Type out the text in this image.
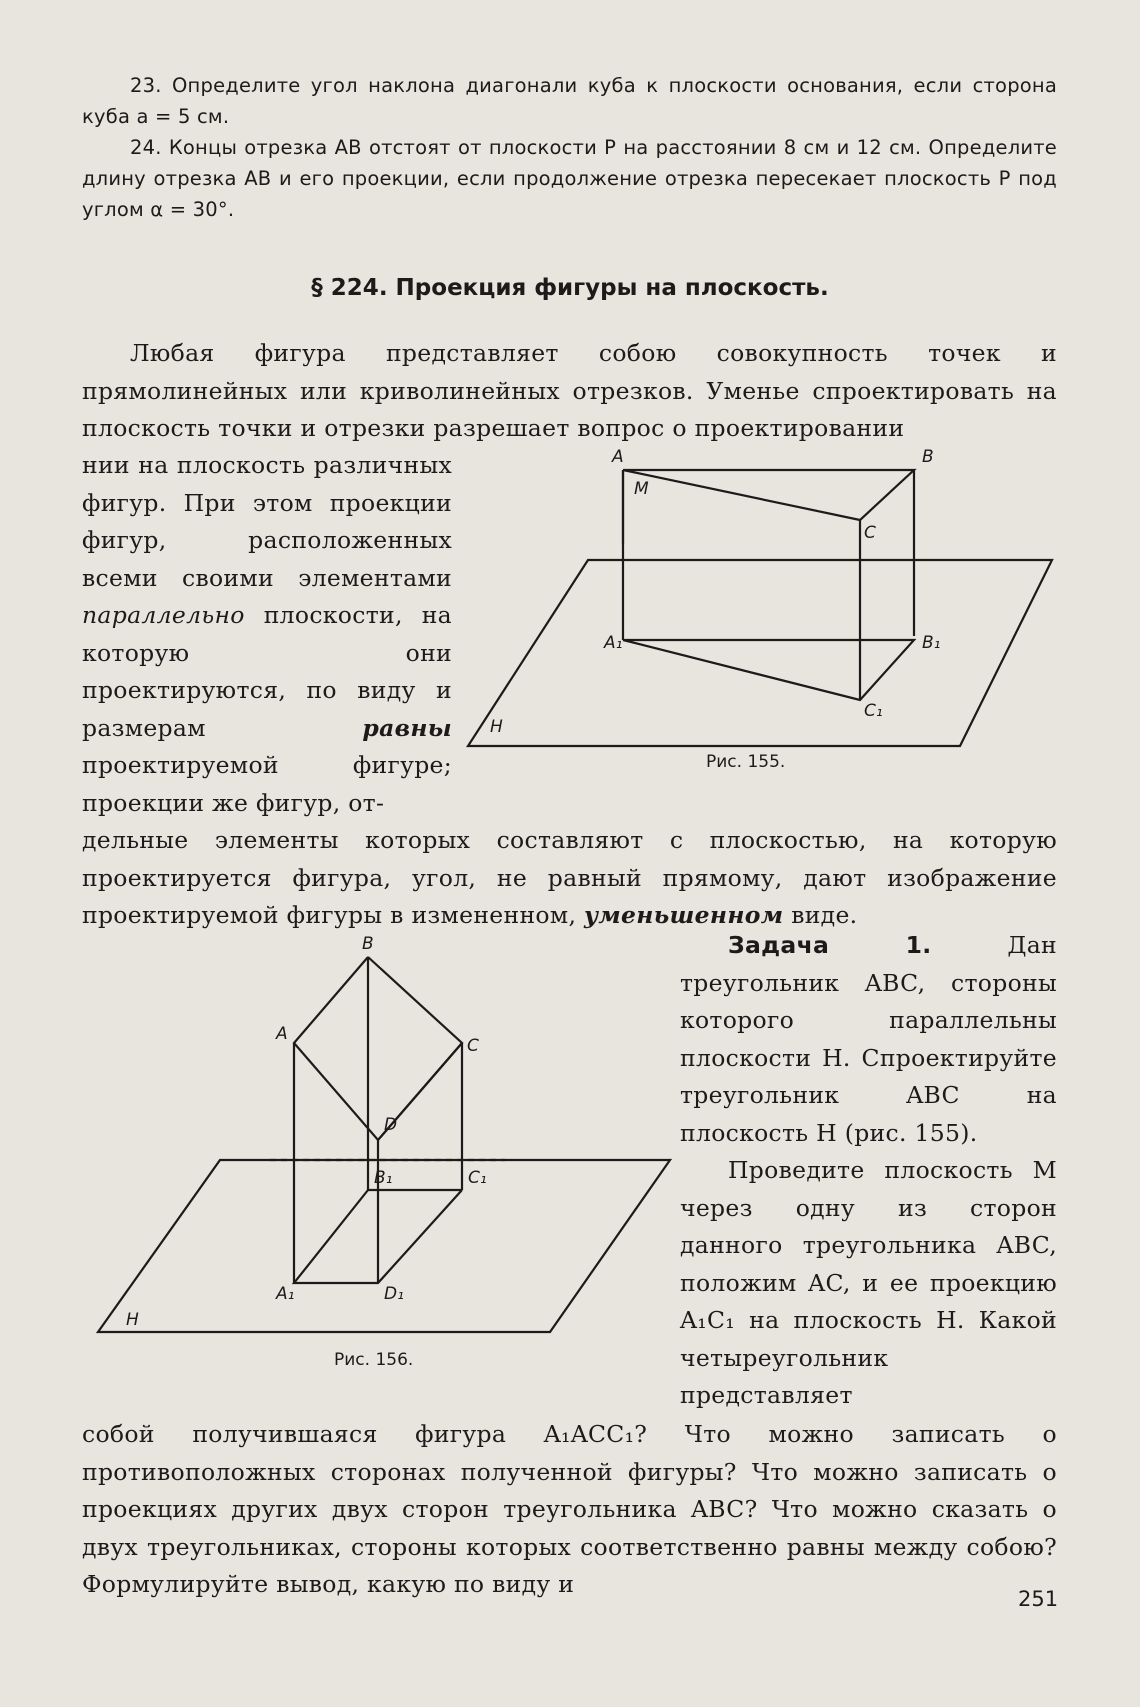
23. Определите угол наклона диагонали куба к плоскости основания, если сторона куба a = 5 см.
24. Концы отрезка AB отстоят от плоскости P на расстоянии 8 см и 12 см. Определите длину отрезка AB и его проекции, если продолжение отрезка пересекает плоскость P под углом α = 30°.
§ 224. Проекция фигуры на плоскость.
Любая фигура представляет собою совокупность точек и прямолинейных или криволинейных отрезков. Уменье спроектировать на плоскость точки и отрезки разрешает вопрос о проектировании
нии на плоскость различных фигур. При этом проекции фигур, расположенных всеми своими элементами параллельно плоскости, на которую они проектируются, по виду и размерам	равны проектируемой фигуре; проекции же фигур, от-
A	B
M
C
A₁	B₁
C₁
H
Рис. 155.
дельные элементы которых составляют с плоскостью, на которую проектируется фигура, угол, не равный прямому, дают изображение проектируемой фигуры в измененном, уменьшенном виде.
B
A
C
D
B₁	C₁
A₁	D₁
H
Рис. 156.
Задача 1.	Дан треугольник ABC, стороны которого параллельны плоскости H. Спроектируйте треугольник ABC на плоскость H (рис. 155).
Проведите плоскость M через одну из сторон данного треугольника ABC, положим AC, и ее проекцию A₁C₁ на плоскость H. Какой четыреугольник представляет
собой получившаяся фигура A₁ACC₁? Что можно записать о противоположных сторонах полученной фигуры? Что можно записать о проекциях других двух сторон треугольника ABC? Что можно сказать о двух треугольниках, стороны которых соответственно равны между собою? Формулируйте вывод, какую по виду и
251
